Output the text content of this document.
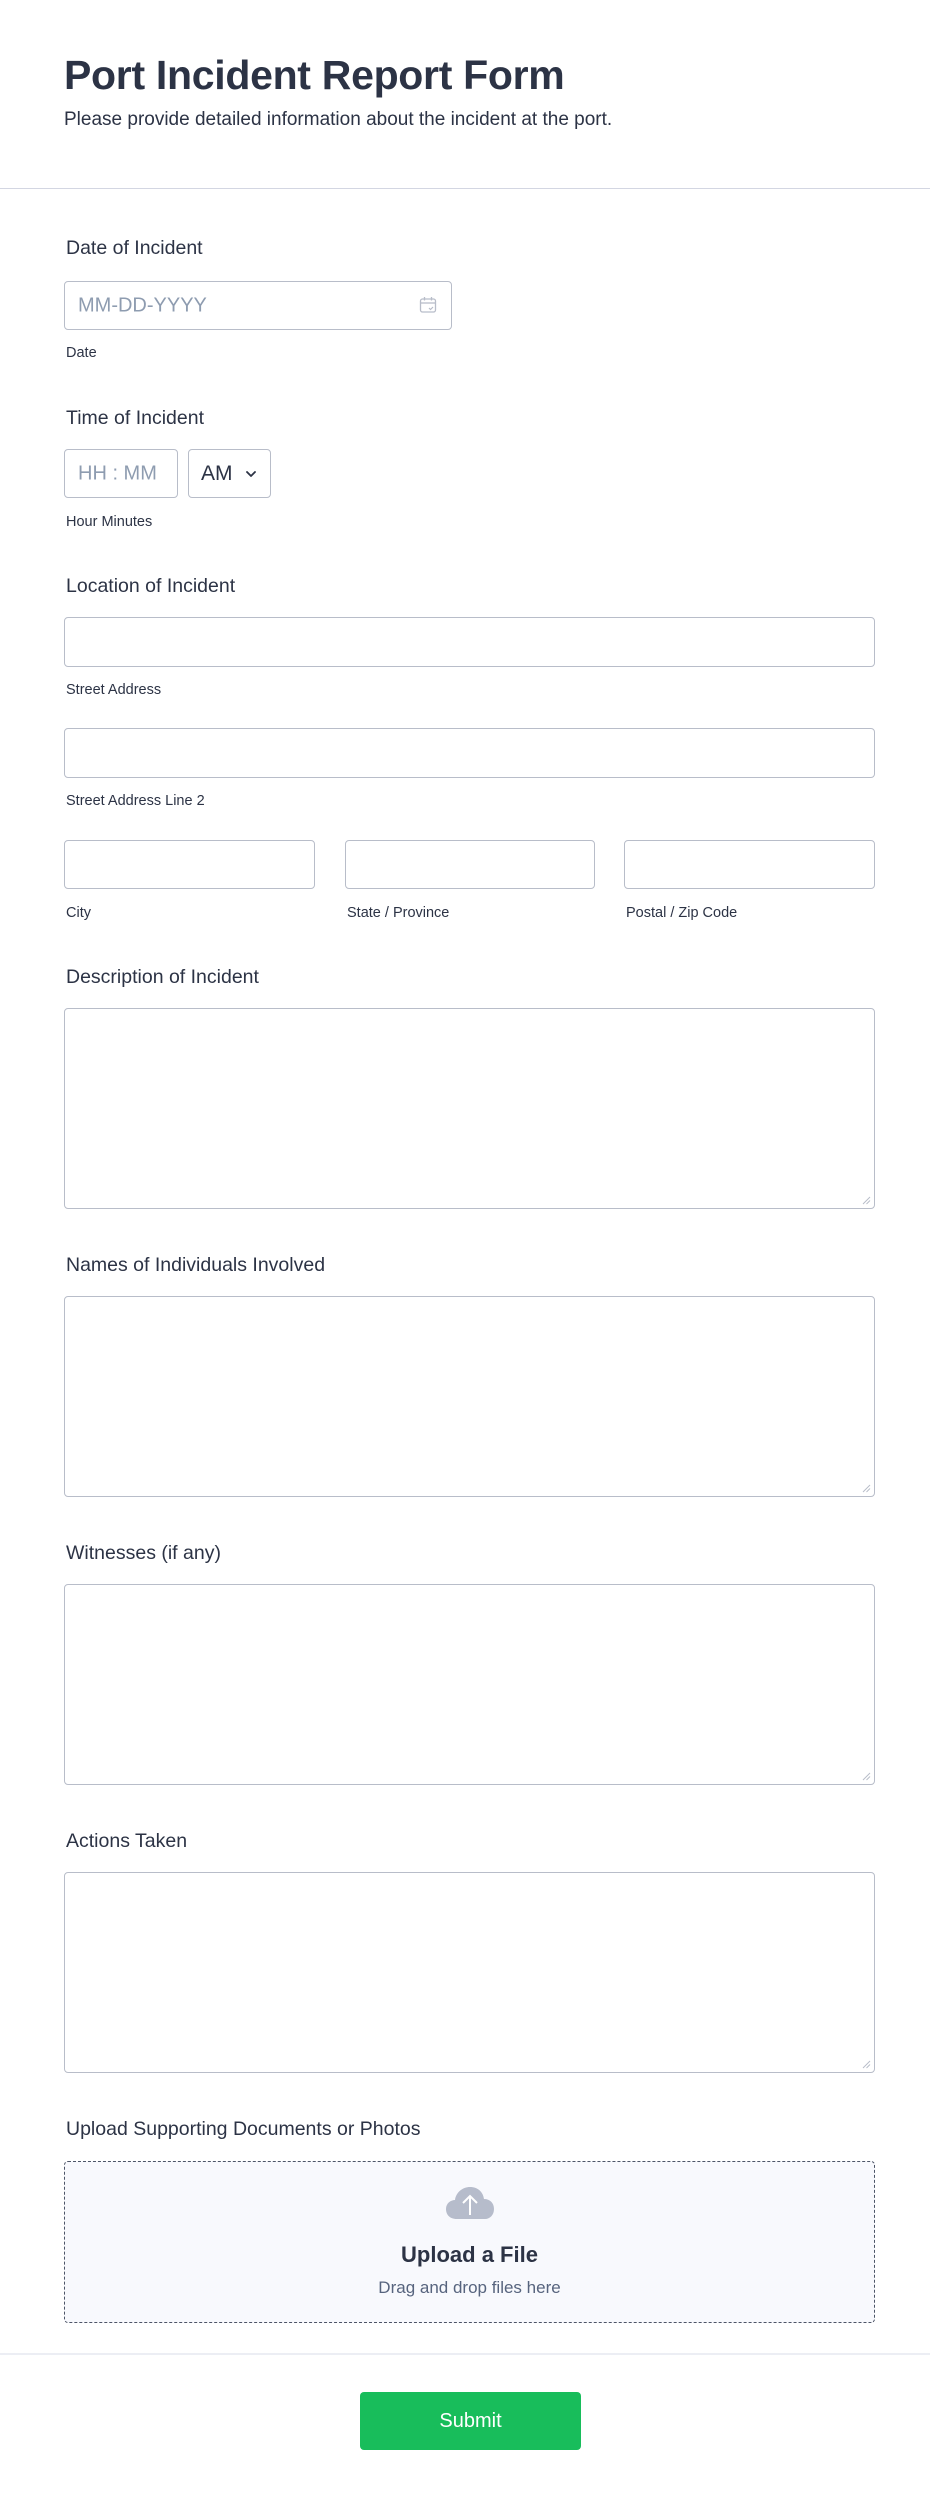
Port Incident Report Form

Please provide detailed information about the incident at the port.

Date of Incident
MM-DD-YYYY
Date
Time of Incident
HH : MM AM
Hour Minutes
Location of Incident
Street Address
Street Address Line 2
City	State / Province	Postal / Zip Code
Description of Incident
Names of Individuals Involved
Witnesses (if any)
Actions Taken
Upload Supporting Documents or Photos
Upload a File
Drag and drop files here
Submit
